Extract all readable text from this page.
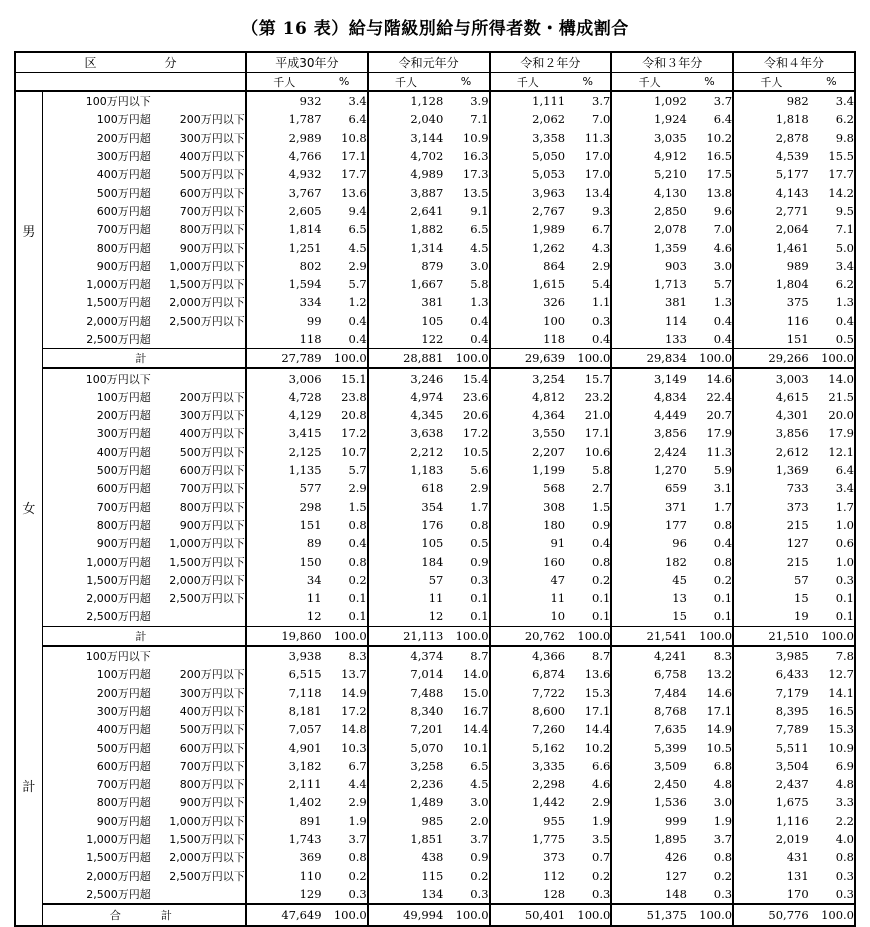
（第 16 表）給与階級別給与所得者数・構成割合
区　　　分		平成30年分		令和元年分		令和２年分		令和３年分		令和４年分	
		千人	%	千人	%	千人	%	千人	%	千人	%
男	100万円以下	932	3.4	1,128	3.9	1,111	3.7	1,092	3.7	982	3.4
	100万円超 200万円以下	1,787	6.4	2,040	7.1	2,062	7.0	1,924	6.4	1,818	6.2
	200万円超 300万円以下	2,989	10.8	3,144	10.9	3,358	11.3	3,035	10.2	2,878	9.8
	300万円超 400万円以下	4,766	17.1	4,702	16.3	5,050	17.0	4,912	16.5	4,539	15.5
	400万円超 500万円以下	4,932	17.7	4,989	17.3	5,053	17.0	5,210	17.5	5,177	17.7
	500万円超 600万円以下	3,767	13.6	3,887	13.5	3,963	13.4	4,130	13.8	4,143	14.2
	600万円超 700万円以下	2,605	9.4	2,641	9.1	2,767	9.3	2,850	9.6	2,771	9.5
	700万円超 800万円以下	1,814	6.5	1,882	6.5	1,989	6.7	2,078	7.0	2,064	7.1
	800万円超 900万円以下	1,251	4.5	1,314	4.5	1,262	4.3	1,359	4.6	1,461	5.0
	900万円超 1,000万円以下	802	2.9	879	3.0	864	2.9	903	3.0	989	3.4
	1,000万円超 1,500万円以下	1,594	5.7	1,667	5.8	1,615	5.4	1,713	5.7	1,804	6.2
	1,500万円超 2,000万円以下	334	1.2	381	1.3	326	1.1	381	1.3	375	1.3
	2,000万円超 2,500万円以下	99	0.4	105	0.4	100	0.3	114	0.4	116	0.4
	2,500万円超	118	0.4	122	0.4	118	0.4	133	0.4	151	0.5
	計	27,789	100.0	28,881	100.0	29,639	100.0	29,834	100.0	29,266	100.0
女	100万円以下	3,006	15.1	3,246	15.4	3,254	15.7	3,149	14.6	3,003	14.0
	100万円超 200万円以下	4,728	23.8	4,974	23.6	4,812	23.2	4,834	22.4	4,615	21.5
	200万円超 300万円以下	4,129	20.8	4,345	20.6	4,364	21.0	4,449	20.7	4,301	20.0
	300万円超 400万円以下	3,415	17.2	3,638	17.2	3,550	17.1	3,856	17.9	3,856	17.9
	400万円超 500万円以下	2,125	10.7	2,212	10.5	2,207	10.6	2,424	11.3	2,612	12.1
	500万円超 600万円以下	1,135	5.7	1,183	5.6	1,199	5.8	1,270	5.9	1,369	6.4
	600万円超 700万円以下	577	2.9	618	2.9	568	2.7	659	3.1	733	3.4
	700万円超 800万円以下	298	1.5	354	1.7	308	1.5	371	1.7	373	1.7
	800万円超 900万円以下	151	0.8	176	0.8	180	0.9	177	0.8	215	1.0
	900万円超 1,000万円以下	89	0.4	105	0.5	91	0.4	96	0.4	127	0.6
	1,000万円超 1,500万円以下	150	0.8	184	0.9	160	0.8	182	0.8	215	1.0
	1,500万円超 2,000万円以下	34	0.2	57	0.3	47	0.2	45	0.2	57	0.3
	2,000万円超 2,500万円以下	11	0.1	11	0.1	11	0.1	13	0.1	15	0.1
	2,500万円超	12	0.1	12	0.1	10	0.1	15	0.1	19	0.1
	計	19,860	100.0	21,113	100.0	20,762	100.0	21,541	100.0	21,510	100.0
計	100万円以下	3,938	8.3	4,374	8.7	4,366	8.7	4,241	8.3	3,985	7.8
	100万円超 200万円以下	6,515	13.7	7,014	14.0	6,874	13.6	6,758	13.2	6,433	12.7
	200万円超 300万円以下	7,118	14.9	7,488	15.0	7,722	15.3	7,484	14.6	7,179	14.1
	300万円超 400万円以下	8,181	17.2	8,340	16.7	8,600	17.1	8,768	17.1	8,395	16.5
	400万円超 500万円以下	7,057	14.8	7,201	14.4	7,260	14.4	7,635	14.9	7,789	15.3
	500万円超 600万円以下	4,901	10.3	5,070	10.1	5,162	10.2	5,399	10.5	5,511	10.9
	600万円超 700万円以下	3,182	6.7	3,258	6.5	3,335	6.6	3,509	6.8	3,504	6.9
	700万円超 800万円以下	2,111	4.4	2,236	4.5	2,298	4.6	2,450	4.8	2,437	4.8
	800万円超 900万円以下	1,402	2.9	1,489	3.0	1,442	2.9	1,536	3.0	1,675	3.3
	900万円超 1,000万円以下	891	1.9	985	2.0	955	1.9	999	1.9	1,116	2.2
	1,000万円超 1,500万円以下	1,743	3.7	1,851	3.7	1,775	3.5	1,895	3.7	2,019	4.0
	1,500万円超 2,000万円以下	369	0.8	438	0.9	373	0.7	426	0.8	431	0.8
	2,000万円超 2,500万円以下	110	0.2	115	0.2	112	0.2	127	0.2	131	0.3
	2,500万円超	129	0.3	134	0.3	128	0.3	148	0.3	170	0.3
	合　　計	47,649	100.0	49,994	100.0	50,401	100.0	51,375	100.0	50,776	100.0
